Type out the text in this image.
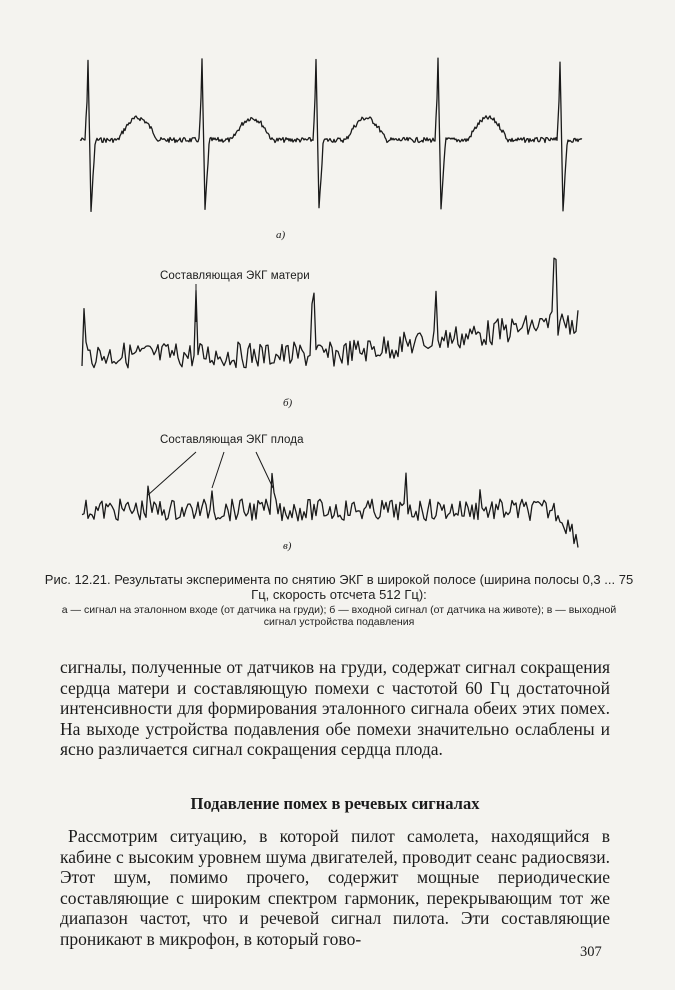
а)
Составляющая ЭКГ матери
б)
Составляющая ЭКГ плода
в)
Рис. 12.21. Результаты эксперимента по снятию ЭКГ в широкой полосе (ширина полосы 0,3 ... 75 Гц, скорость отсчета 512 Гц):
а — сигнал на эталонном входе (от датчика на груди); б — входной сигнал (от датчика на животе); в — выходной сигнал устройства подавления
сигналы, полученные от датчиков на груди, содержат сигнал сокращения сердца матери и составляющую помехи с частотой 60 Гц достаточной интенсивности для формирования эталонного сигнала обеих этих помех. На выходе устройства подавления обе помехи значительно ослаблены и ясно различается сигнал сокращения сердца плода.
Подавление помех в речевых сигналах
Рассмотрим ситуацию, в которой пилот самолета, находящийся в кабине с высоким уровнем шума двигателей, проводит сеанс радиосвязи. Этот шум, помимо прочего, содержит мощные периодические составляющие с широким спектром гармоник, перекрывающим тот же диапазон частот, что и речевой сигнал пилота. Эти составляющие проникают в микрофон, в который гово-
307
